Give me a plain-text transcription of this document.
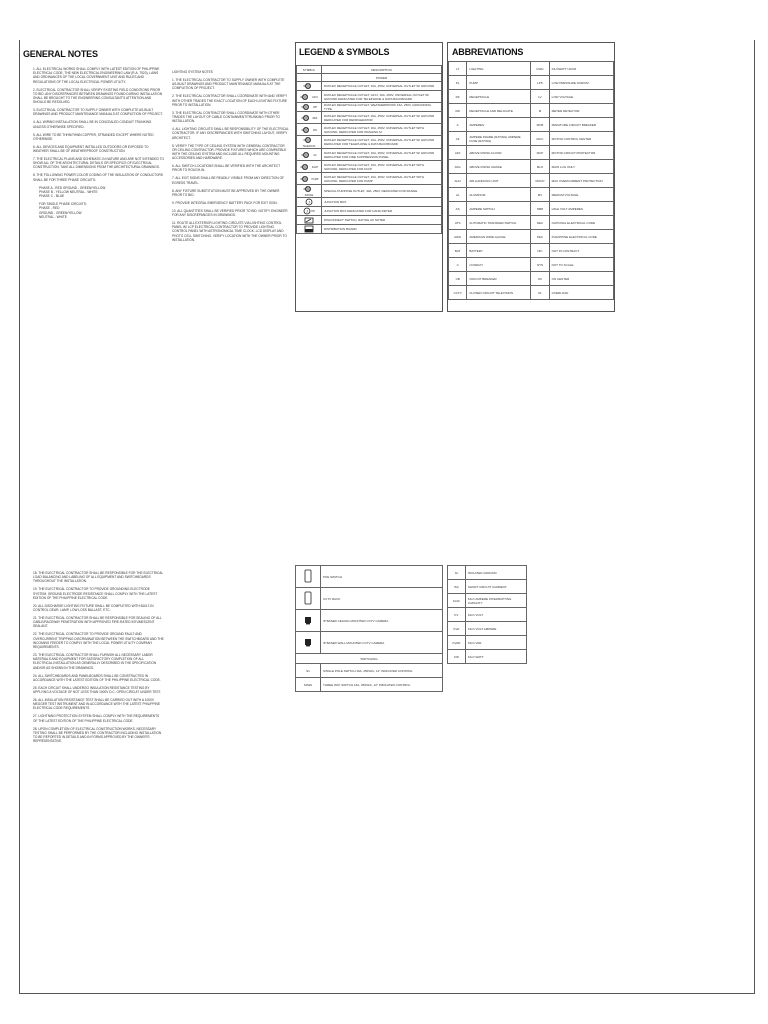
GENERAL NOTES
1. ALL ELECTRICAL WORKS SHALL COMPLY WITH LATEST EDITION OF PHILIPPINE ELECTRICAL CODE, THE NEW ELECTRICAL ENGINEERING LAW (R.A. 7920), LAWS AND ORDINANCES OF THE LOCAL GOVERNMENT UNIT AND RULES AND REGULATIONS OF THE LOCAL ELECTRICAL POWER UTILITY.
2. ELECTRICAL CONTRACTOR SHALL VERIFY EXISTING FIELD CONDITIONS PRIOR TO BID. ANY DISCREPANCIES BETWEEN DRAWINGS FOUND DURING INSTALLATION SHALL BE BROUGHT TO THE ENGINEERING CONSULTANT'S ATTENTION AND SHOULD BE RESOLVED.
3. ELECTRICAL CONTRACTOR TO SUPPLY OWNER WITH COMPLETE AS-BUILT DRAWINGS AND PRODUCT MAINTENANCE MANUALS AT COMPLETION OF PROJECT.
4. ALL WIRING INSTALLATION SHALL BE IN CONCEALED CONDUIT TRUNKING UNLESS OTHERWISE SPECIFIED.
5. ALL WIRE TO BE THHN/THWN COPPER, STRANDED EXCEPT WHERE NOTED OTHERWISE.
6. ALL DEVICES AND EQUIPMENT INSTALLED OUTDOORS OR EXPOSED TO WEATHER SHALL BE OF WEATHERPROOF CONSTRUCTION.
7. THE ELECTRICAL PLANS AND SCHEMATIC IN NATURE AND ARE NOT INTENDED TO SHOW ALL OF THE ARCHITECTURAL DETAILS OR SPECIFICS OF ELECTRICAL CONSTRUCTION. TAKE ALL DIMENSIONS FROM THE ARCHITECTURAL DRAWINGS.
8. THE FOLLOWING POWER COLOR CODING OF THE INSULATION OF CONDUCTORS SHALL BE FOR THREE PHASE CIRCUITS:
PHASE A - RED GROUND - GREEN/YELLOW
PHASE B - YELLOW NEUTRAL - WHITE
PHASE C - BLUE
FOR SINGLE PHASE CIRCUITS:
PHASE - RED
GROUND - GREEN/YELLOW
NEUTRAL - WHITE
LIGHTING SYSTEM NOTES
1. THE ELECTRICAL CONTRACTOR TO SUPPLY OWNER WITH COMPLETE AS-BUILT DRAWINGS AND PRODUCT MAINTENANCE MANUALS AT THE COMPLETION OF PROJECT.
2. THE ELECTRICAL CONTRACTOR SHALL COORDINATE WITH AND VERIFY WITH OTHER TRADES THE EXACT LOCATION OF EACH LIGHTING FIXTURE PRIOR TO INSTALLATION.
3. THE ELECTRICAL CONTRACTOR SHALL COORDINATE WITH OTHER TRADES THE LAYOUT OF CABLE CONTAINMENT/TRUNKING PRIOR TO INSTALLATION.
4. ALL LIGHTING CIRCUITS SHALL BE RESPONSIBILITY OF THE ELECTRICAL CONTRACTOR. IF ANY DISCREPANCIES WITH SWITCHING LAYOUT, VERIFY ARCHITECT.
5. VERIFY THE TYPE OF CEILING SYSTEM WITH GENERAL CONTRACTOR OR CEILING CONTRACTOR. PROVIDE FIXTURES WHICH ARE COMPATIBLE WITH THE CEILING SYSTEM AND INCLUDE ALL REQUIRED MOUNTING ACCESSORIES AND HARDWARE.
6. ALL SWITCH LOCATIONS SHALL BE VERIFIED WITH THE ARCHITECT PRIOR TO ROUGH-IN.
7. ALL EXIT SIGNS SHALL BE READILY VISIBLE FROM ANY DIRECTION OF EGRESS TRAVEL.
8. ANY FIXTURE SUBSTITUTION MUST BE APPROVED BY THE OWNER PRIOR TO BID.
9. PROVIDE INTEGRAL EMERGENCY BATTERY PACK FOR EXIT SIGN.
10. ALL QUANTITIES SHALL BE VERIFIED PRIOR TO BID. NOTIFY ENGINEER FOR ANY DISCREPANCIES IN DRAWINGS.
11. ROUTE ALL EXTERIOR LIGHTING CIRCUITS VIA LIGHTING CONTROL PANEL W/ LCP ELECTRICAL CONTRACTOR TO PROVIDE LIGHTING CONTROL PANEL WITH ASTRONOMICAL TIME CLOCK. LCD DISPLAY AND PHOTO CELL SWITCHING. VERIFY LOCATION WITH THE OWNER PRIOR TO INSTALLATION.
18. THE ELECTRICAL CONTRACTOR SHALL BE RESPONSIBLE FOR THE ELECTRICAL LOAD BALANCING AND LABELING OF ALL EQUIPMENT AND SWITCHBOARDS THROUGHOUT THE INSTALLATION.
19. THE ELECTRICAL CONTRACTOR TO PROVIDE GROUNDING ELECTRODE SYSTEM. GROUND ELECTRODE RESISTANCE SHALL COMPLY WITH THE LATEST EDITION OF THE PHILIPPINE ELECTRICAL CODE.
20. ALL DISCHARGE LIGHTING FIXTURE SHALL BE COMPLETED WITH BUILT-IN CONTROL GEAR, LAMP, LOW LOSS BALLAST, ETC.
21. THE ELECTRICAL CONTRACTOR SHALL BE RESPONSIBLE FOR SEALING OF ALL CABLE/RACEWAY PENETRATION WITH APPROVED FIRE-RATED INTUMESCENT SEALANT.
22. THE ELECTRICAL CONTRACTOR TO PROVIDE GROUND FAULT AND OVERCURRENT TRIPPING DISCRIMINATION BETWEEN THE SWITCHBOARD AND THE INCOMING FEEDER TO COMPLY WITH THE LOCAL POWER UTILITY COMPANY REQUIREMENTS.
23. THE ELECTRICAL CONTRACTOR SHALL FURNISH ALL NECESSARY LABOR MATERIALS AND EQUIPMENT FOR SATISFACTORY COMPLETION OF ALL ELECTRICAL INSTALLATION AS GENERALLY DESCRIBED IN THE SPECIFICATION AND/OR AS SHOWN IN THE DRAWINGS.
24. ALL SWITCHBOARDS AND PANELBOARDS SHALL BE CONSTRUCTED IN ACCORDANCE WITH THE LATEST EDITION OF THE PHILIPPINE ELECTRICAL CODE.
25. EACH CIRCUIT SHALL UNDERGO INSULATION RESISTANCE TESTING BY APPLYING A VOLTAGE OF NOT LESS THAN 1000V D.C. OPEN CIRCUIT UNDER TEST.
26. ALL INSULATION RESISTANCE TEST SHALL BE CARRIED OUT WITH A 1000V MEGGER TEST INSTRUMENT AND IN ACCORDANCE WITH THE LATEST PHILIPPINE ELECTRICAL CODE REQUIREMENTS.
27. LIGHTNING PROTECTION SYSTEM SHALL COMPLY WITH THE REQUIREMENTS OF THE LATEST EDITION OF THE PHILIPPINE ELECTRICAL CODE.
28. UPON COMPLETION OF ELECTRICAL CONSTRUCTION WORKS, NECESSARY TESTING SHALL BE PERFORMED BY THE CONTRACTOR INCLUDING INSTALLATION TO BE REPORTED IN DETAILS AND IN FORMS APPROVED BY THE OWNER'S REPRESENTATIVE.
LEGEND & SYMBOLS
SYMBOL	DESCRIPTION
	POWER

	DUPLEX RECEPTACLE OUTLET, 16A, 250V, UNIVERSAL OUTLET W/ GROUND

GFCI	DUPLEX RECEPTACLE OUTLET, GFCI, 16A, 250V, UNIVERSAL OUTLET W/ GROUND DEDICATED FOR TELEPHONE & DATA BACKBOARD

WP	DUPLEX RECEPTACLE OUTLET, WEATHERPROOF 16A, 250V, GROUNDING TYPE

REF	DUPLEX RECEPTACLE OUTLET, 16A, 250V, UNIVERSAL OUTLET W/ GROUND DEDICATED FOR REFRIGERATOR

WO	DUPLEX RECEPTACLE OUTLET, 16A, 250V, UNIVERSAL OUTLET WITH GROUND, DEDICATED FOR WASHING M.

TELE/DATA	DUPLEX RECEPTACLE OUTLET, 16A, 250V, UNIVERSAL OUTLET W/ GROUND DEDICATED FOR TELEPHONE & DATA BACKBOARD

AC	DUPLEX RECEPTACLE OUTLET, 16A, 250V, UNIVERSAL OUTLET W/ GROUND DEDICATED FOR FIRE SUPPRESSION PANEL

FACP	DUPLEX RECEPTACLE OUTLET, 16A, 250V, UNIVERSAL OUTLET WITH GROUND, DEDICATED FOR FACP

PUMP	DUPLEX RECEPTACLE OUTLET, 16A, 250V, UNIVERSAL OUTLET WITH GROUND, DEDICATED FOR PUMP

RANGE	SPECIAL PURPOSE OUTLET, 40A, 250V, DEDICATED FOR RANGE

J	JUNCTION BOX

J HD	JUNCTION BOX DEDICATED FOR HAND DRYER

	DISCONNECT SWITCH, RATING AS NOTED

	DISTRIBUTION BOARD
ABBREVIATIONS
LT	LIGHTING	KWH	KILOWATT HOUR
PL	PUMP	LPS	LOW PRESSURE SODIUM
RF	RECEPTACLE	LV	LOW VOLTAGE
RR	RECEPTACLE AND RELOCATE	M	METER DETECTOR
A	AMPERES	MCB	MINIATURE CIRCUIT BREAKER
AF	AMPERE FRAME (RATING) AMPERE FUSE (RATING)	MCC	MOTOR CONTROL CENTER
AFF	ABOVE FINISH FLOOR	MCP	MOTOR CIRCUIT PROTECTOR
AFG	ABOVE FINISH GRADE	MLO	MAIN LUG ONLY
AHU	AIR HANDLING UNIT	MOCP	MAX OVERCURRENT PROTECTION
AL	ALUMINUM	MV	MEDIUM VOLTAGE
AS	AMPERE SWITCH	NBR	HIGH VOLT AMPERES
ATS	AUTOMATIC TRANSFER SWITCH	NEC	NATIONAL ELECTRICAL CODE
AWG	AMERICAN WIRE GAUGE	PEC	PHILIPPINE ELECTRICAL CODE
BAT	BATTERY	NIC	NOT IN CONTRACT
C	CONDUIT	NTS	NOT TO SCALE
CB	CIRCUIT BREAKER	OC	ON CENTER
CCTV	CLOSED CIRCUIT TELEVISION	OL	OVERLOAD
	POE SWITCH

	CCTV RACK

	IP BASED CEILING MOUNTED CCTV CAMERA

	IP BASED WALL MOUNTED CCTV CAMERA
SWITCHING	
S1	SINGLE POLE SWITCH 16A, 250VAC, 12" INDICATED CONTROL
S3WA	THREE WAY SWITCH 16A, 250VAC, 12" INDICATED CONTROL
IG	ISOLATED GROUND
ISC	SHORT CIRCUIT CURRENT
KAIC	KILO AMPERE INTERRUPTING CAPACITY
KV	KILO VOLT
KVA	KILO VOLT AMPERE
KVAR	KILO VAR
KW	KILO WATT
